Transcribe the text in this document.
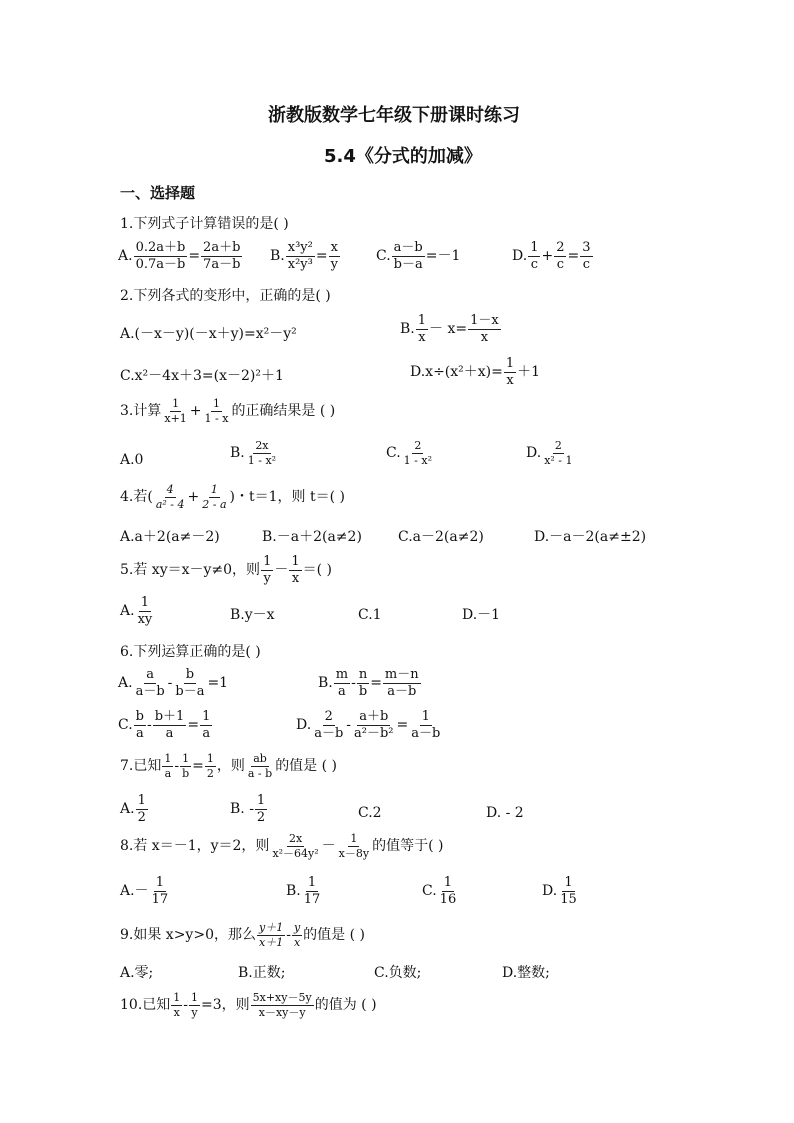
浙教版数学七年级下册课时练习
5.4《分式的加减》
一、选择题
1.下列式子计算错误的是( )
A. $\frac{0.2a+b}{0.7a-b} = \frac{2a+b}{7a-b} B$. $\frac{\text{x³y²}}{\text{x²y³}} = \frac{x}{y}$	C. $\frac{a-b}{b-a} =-1$	D. $\frac{1}{c} + \frac{2}{c} = \frac{3}{c}$
2.下列各式的变形中，正确的是( )
A.(－x－y)(－x＋y)=x²－y²	B. $\frac{1}{x} - x= \frac{1-x}{x}$
C.x²－4x＋3=(x－2)²＋1	$D.x\div(x^2+x)= \frac{1}{x} +1$
3.计算 $\frac{1}{x+1} + \frac{1}{1 - x}$ 的正确结果是 ( )
A.0	B. $\frac{2x}{\text{1 - x²}}$	C. $\frac{2}{\text{1 - x²}}$	D. $\frac{2}{\text{x² - 1}}$
4.若( $\frac{4}{\text{a² - 4}} + \frac{1}{2 - a}$ )・t＝1，则 t＝( )
A.a＋2(a≠－2)	B.－a＋2(a≠2)	C.a－2(a≠2)	D.－a－2(a≠±2)
5.若 xy＝x－y≠0，则 $\frac{1}{y} - \frac{1}{x}$ ＝( )
A. $\frac{1}{xy}$	B.y－x	C.1	D.－1
6.下列运算正确的是( )
A. $\frac{a}{a-b} - \frac{b}{b-a} =1$	B. $\frac{m}{a} - \frac{n}{b} = \frac{m-n}{a-b}$
C. $\frac{b}{a} - \frac{b+1}{a} = \frac{1}{a}$	D. $\frac{2}{a-b} - \frac{a+b}{\text{a²－b²}} = \frac{1}{a-b}$
7.已知 $\frac{1}{a} - \frac{1}{b} = \frac{1}{2}$ ，则 $\frac{ab}{a - b}$ 的值是 ( )
A. $\frac{1}{2}$	B. - $\frac{1}{2}$	C.2	D. - 2
8.若 x＝－1，y＝2，则 $\frac{2x}{\text{x²－64y²}} - \frac{1}{x-8y}$ 的值等于( )
$A.- \frac{1}{17}$	B. $\frac{1}{17}$	C. $\frac{1}{16}$	D. $\frac{1}{15}$
9.如果 x>y>0，那么 $\frac{y+1}{x+1} - \frac{y}{x}$ 的值是 ( )
A.零;	B.正数;	C.负数;	D.整数;
10.已知 $\frac{1}{x} - \frac{1}{y} =3$，则 $\frac{5x+xy-5y}{x-xy-y}$ 的值为 ( )
